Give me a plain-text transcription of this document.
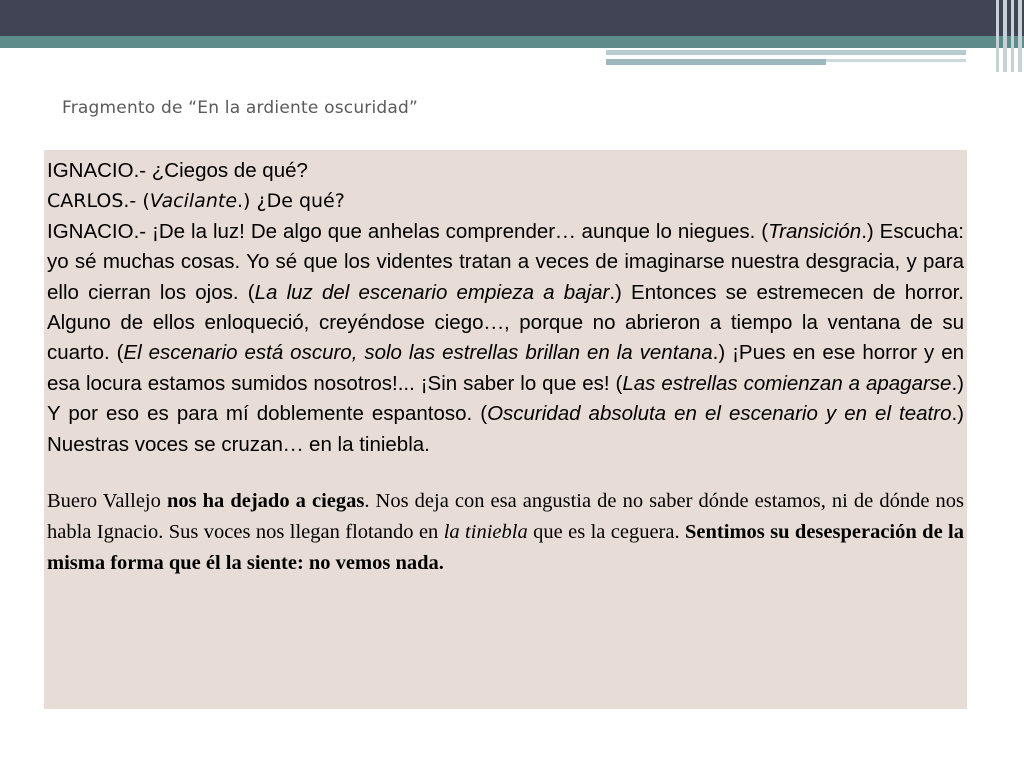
Fragmento de “En la ardiente oscuridad”
IGNACIO.- ¿Ciegos de qué?
CARLOS.- (Vacilante.) ¿De qué?
IGNACIO.- ¡De la luz! De algo que anhelas comprender… aunque lo niegues. (Transición.) Escucha: yo sé muchas cosas. Yo sé que los videntes tratan a veces de imaginarse nuestra desgracia, y para ello cierran los ojos. (La luz del escenario empieza a bajar.) Entonces se estremecen de horror. Alguno de ellos enloqueció, creyéndose ciego…, porque no abrieron a tiempo la ventana de su cuarto. (El escenario está oscuro, solo las estrellas brillan en la ventana.) ¡Pues en ese horror y en esa locura estamos sumidos nosotros!... ¡Sin saber lo que es! (Las estrellas comienzan a apagarse.) Y por eso es para mí doblemente espantoso. (Oscuridad absoluta en el escenario y en el teatro.) Nuestras voces se cruzan… en la tiniebla.

Buero Vallejo nos ha dejado a ciegas. Nos deja con esa angustia de no saber dónde estamos, ni de dónde nos habla Ignacio. Sus voces nos llegan flotando en la tiniebla que es la ceguera. Sentimos su desesperación de la misma forma que él la siente: no vemos nada.
